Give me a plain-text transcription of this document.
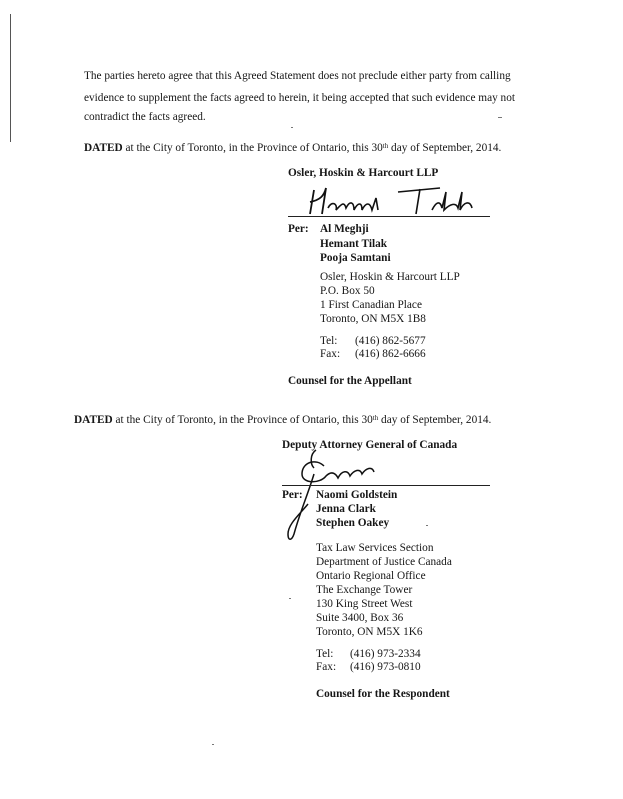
The parties hereto agree that this Agreed Statement does not preclude either party from calling
evidence to supplement the facts agreed to herein, it being accepted that such evidence may not
contradict the facts agreed.
DATED at the City of Toronto, in the Province of Ontario, this 30th day of September, 2014.
Osler, Hoskin & Harcourt LLP
Per: Al Meghji
Hemant Tilak
Pooja Samtani
Osler, Hoskin & Harcourt LLP
P.O. Box 50
1 First Canadian Place
Toronto, ON M5X 1B8
Tel: (416) 862-5677
Fax: (416) 862-6666
Counsel for the Appellant
DATED at the City of Toronto, in the Province of Ontario, this 30th day of September, 2014.
Deputy Attorney General of Canada
Per: Naomi Goldstein
Jenna Clark
Stephen Oakey
Tax Law Services Section
Department of Justice Canada
Ontario Regional Office
The Exchange Tower
130 King Street West
Suite 3400, Box 36
Toronto, ON M5X 1K6
Tel: (416) 973-2334
Fax: (416) 973-0810
Counsel for the Respondent
